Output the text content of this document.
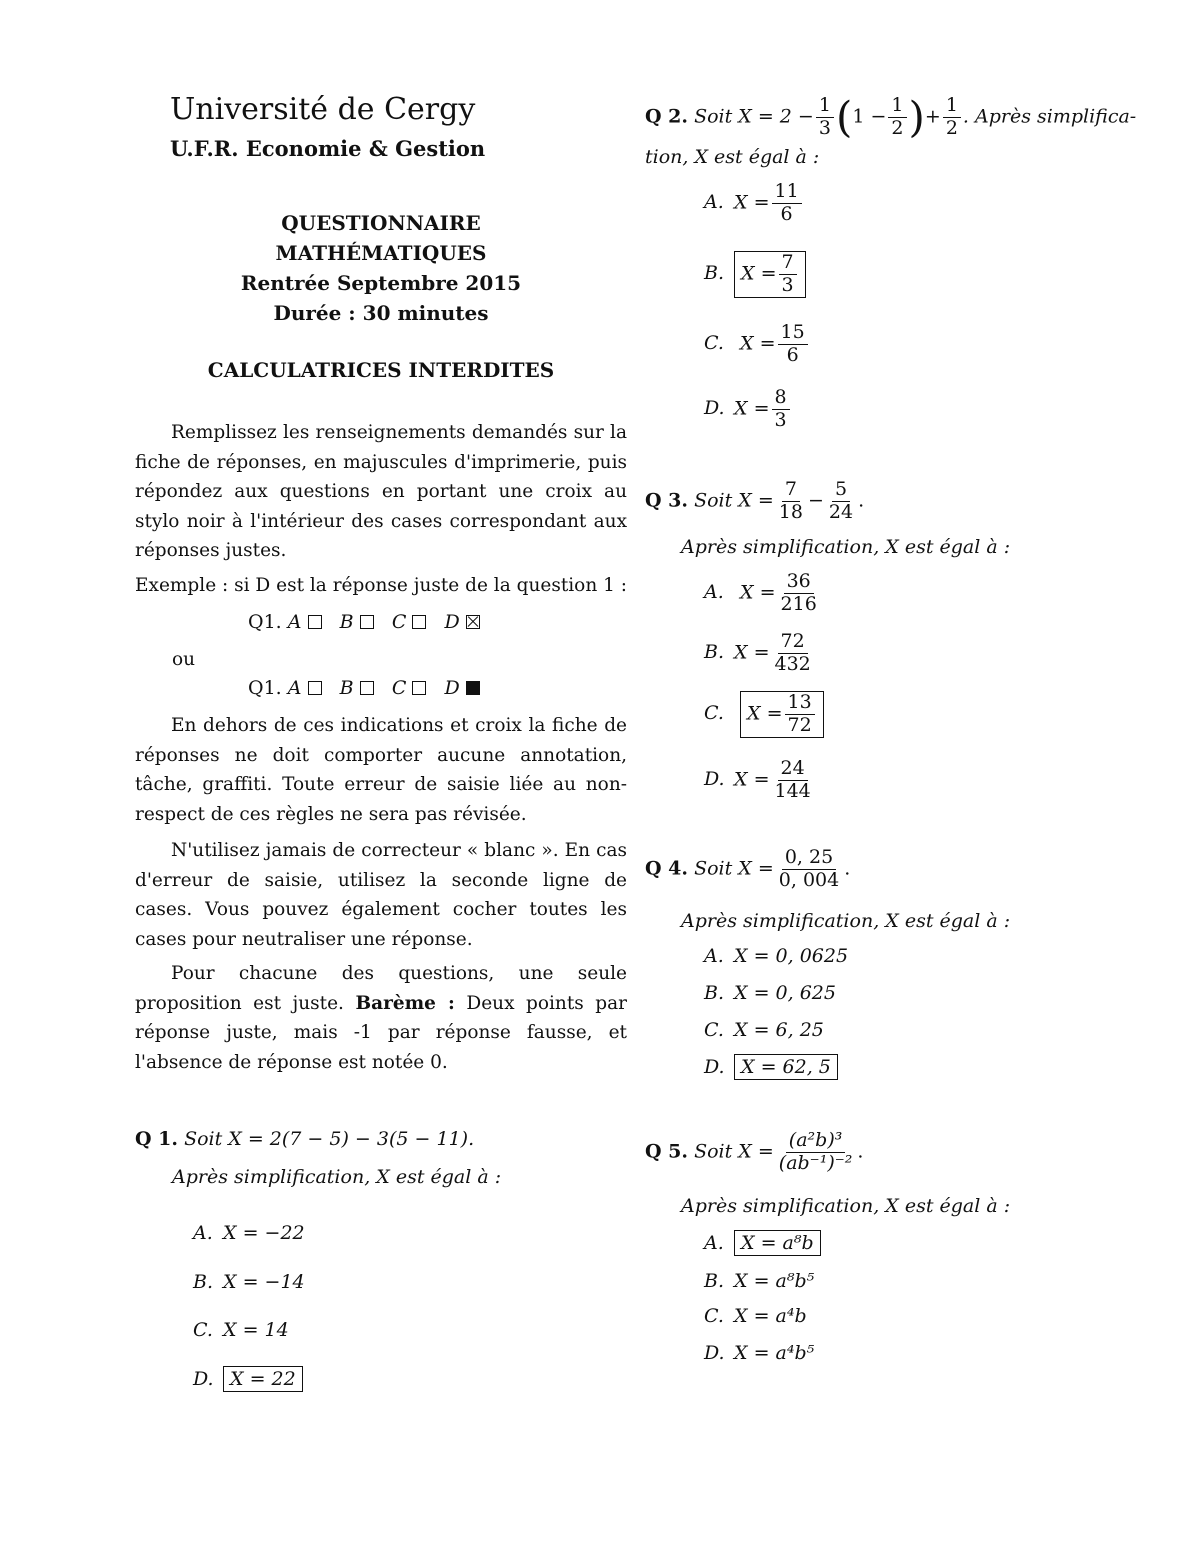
Université de Cergy
U.F.R. Economie & Gestion
QUESTIONNAIRE
MATHÉMATIQUES
Rentrée Septembre 2015
Durée : 30 minutes
CALCULATRICES INTERDITES
Remplissez les renseignements demandés sur la fiche de réponses, en majuscules d'imprimerie, puis répondez aux questions en portant une croix au stylo noir à l'intérieur des cases correspondant aux réponses justes.
Exemple : si D est la réponse juste de la question 1 :
Q1. A B C D
ou
Q1. A B C D
En dehors de ces indications et croix la fiche de réponses ne doit comporter aucune annotation, tâche, graffiti. Toute erreur de saisie liée au non-respect de ces règles ne sera pas révisée.
N'utilisez jamais de correcteur « blanc ». En cas d'erreur de saisie, utilisez la seconde ligne de cases. Vous pouvez également cocher toutes les cases pour neutraliser une réponse.
Pour chacune des questions, une seule proposition est juste. Barème : Deux points par réponse juste, mais -1 par réponse fausse, et l'absence de réponse est notée 0.
Q 1. Soit X = 2(7 − 5) − 3(5 − 11).
Après simplification, X est égal à :
A. X = −22
B. X = −14
C. X = 14
D. X = 22
Q 2. Soit $X = 2 - \frac{1}{3} (1 - \frac{1}{2}$ )+ $\frac{1}{2}$ . Après simplifica-
tion, X est égal à :
A. $X = \frac{11}{6}$
B. $X = \frac{7}{3}$
C. $X = \frac{15}{6}$
D. $X = \frac{8}{3}$
Q 3. Soit $X = \frac{7}{18} - \frac{5}{24}$ .
Après simplification, X est égal à :
A. $X = \frac{36}{216}$
B. $X = \frac{72}{432}$
C. $X = \frac{13}{72}$
D. $X = \frac{24}{144}$
Q 4. Soit $X = \frac{0, 25}{0, 004}$ .
Après simplification, X est égal à :
A. X = 0, 0625
B. X = 0, 625
C. X = 6, 25
D. X = 62, 5
Q 5. Soit $X = \frac{\text{(a²b)³}}{\text{(ab⁻¹)⁻²}}$ .
Après simplification, X est égal à :
A. X = a⁸b
B. X = a⁸b⁵
C. X = a⁴b
D. X = a⁴b⁵
